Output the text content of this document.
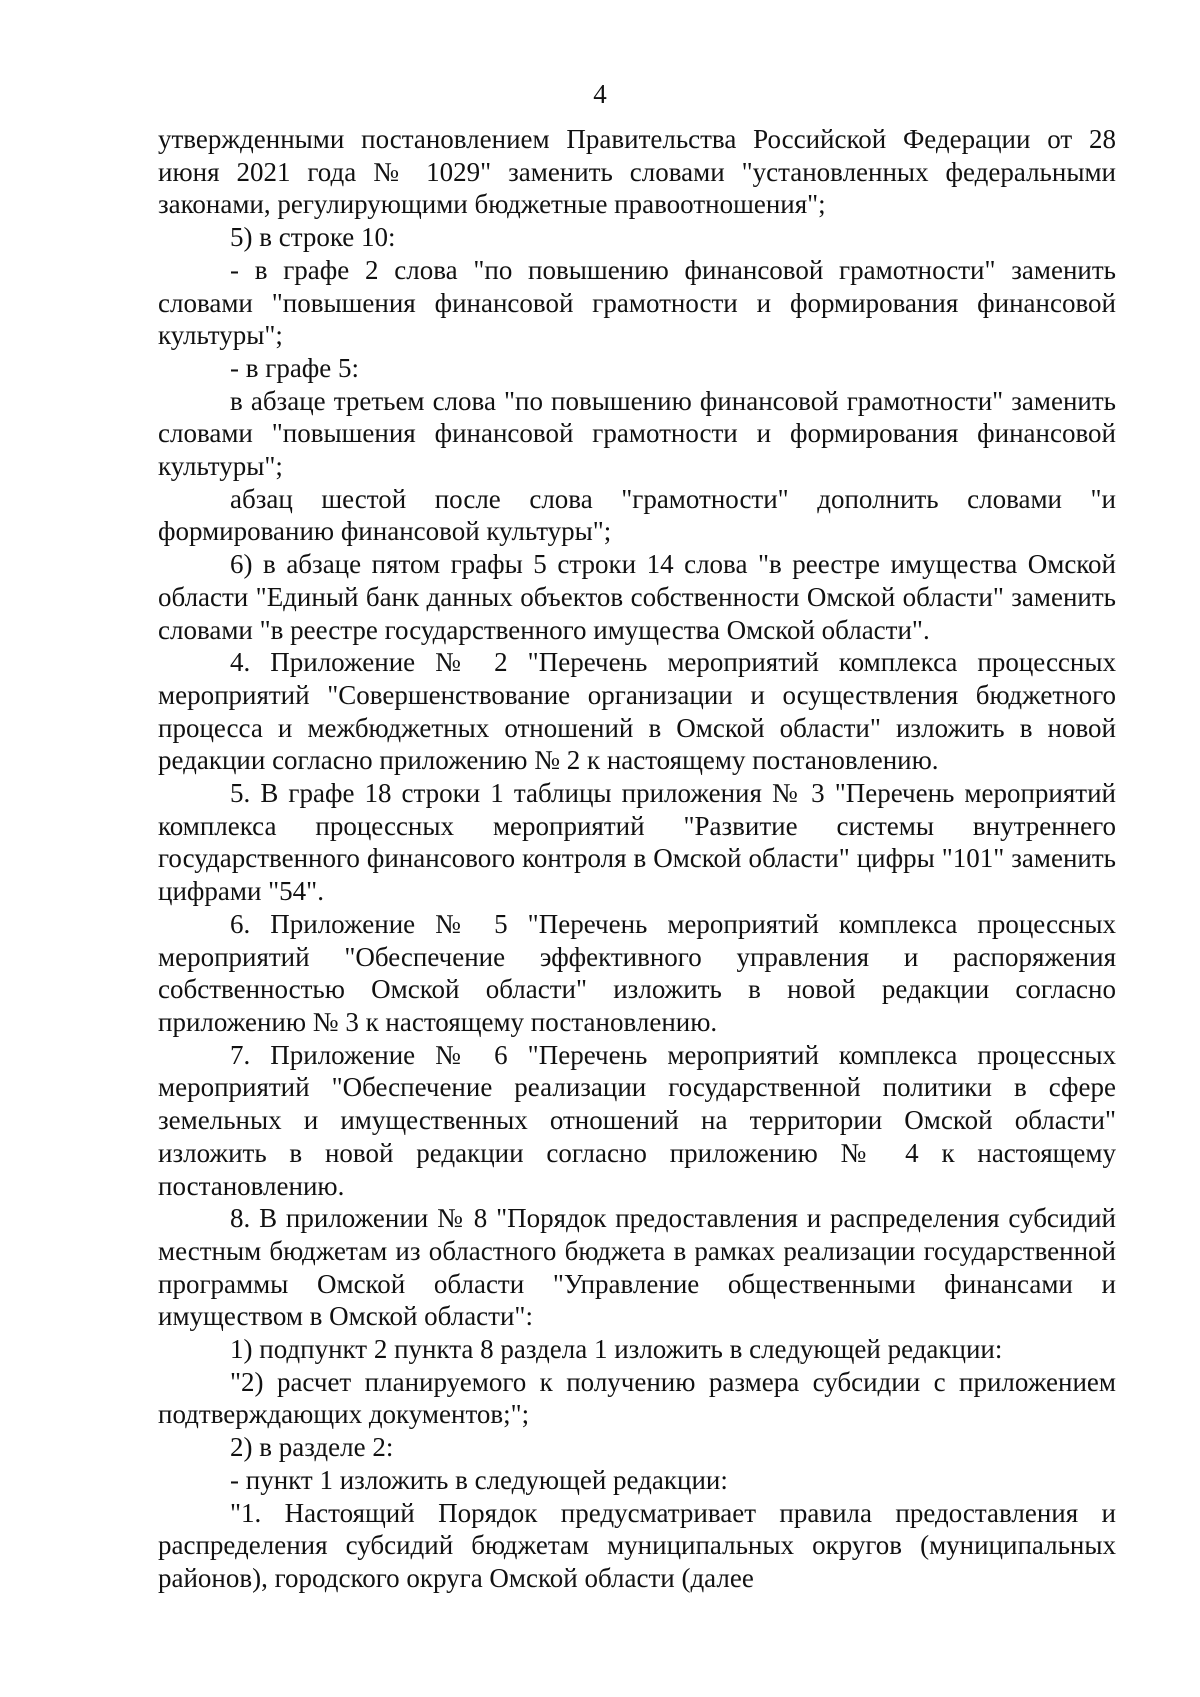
4

утвержденными постановлением Правительства Российской Федерации от 28 июня 2021 года № 1029" заменить словами "установленных федеральными законами, регулирующими бюджетные правоотношения";

5) в строке 10:

- в графе 2 слова "по повышению финансовой грамотности" заменить словами "повышения финансовой грамотности и формирования финансовой культуры";

- в графе 5:

в абзаце третьем слова "по повышению финансовой грамотности" заменить словами "повышения финансовой грамотности и формирования финансовой культуры";

абзац шестой после слова "грамотности" дополнить словами "и формированию финансовой культуры";

6) в абзаце пятом графы 5 строки 14 слова "в реестре имущества Омской области "Единый банк данных объектов собственности Омской области" заменить словами "в реестре государственного имущества Омской области".

4. Приложение № 2 "Перечень мероприятий комплекса процессных мероприятий "Совершенствование организации и осуществления бюджетного процесса и межбюджетных отношений в Омской области" изложить в новой редакции согласно приложению № 2 к настоящему постановлению.

5. В графе 18 строки 1 таблицы приложения № 3 "Перечень мероприятий комплекса процессных мероприятий "Развитие системы внутреннего государственного финансового контроля в Омской области" цифры "101" заменить цифрами "54".

6. Приложение № 5 "Перечень мероприятий комплекса процессных мероприятий "Обеспечение эффективного управления и распоряжения собственностью Омской области" изложить в новой редакции согласно приложению № 3 к настоящему постановлению.

7. Приложение № 6 "Перечень мероприятий комплекса процессных мероприятий "Обеспечение реализации государственной политики в сфере земельных и имущественных отношений на территории Омской области" изложить в новой редакции согласно приложению № 4 к настоящему постановлению.

8. В приложении № 8 "Порядок предоставления и распределения субсидий местным бюджетам из областного бюджета в рамках реализации государственной программы Омской области "Управление общественными финансами и имуществом в Омской области":

1) подпункт 2 пункта 8 раздела 1 изложить в следующей редакции:

"2) расчет планируемого к получению размера субсидии с приложением подтверждающих документов;";

2) в разделе 2:

- пункт 1 изложить в следующей редакции:

"1. Настоящий Порядок предусматривает правила предоставления и распределения субсидий бюджетам муниципальных округов (муниципальных районов), городского округа Омской области (далее
